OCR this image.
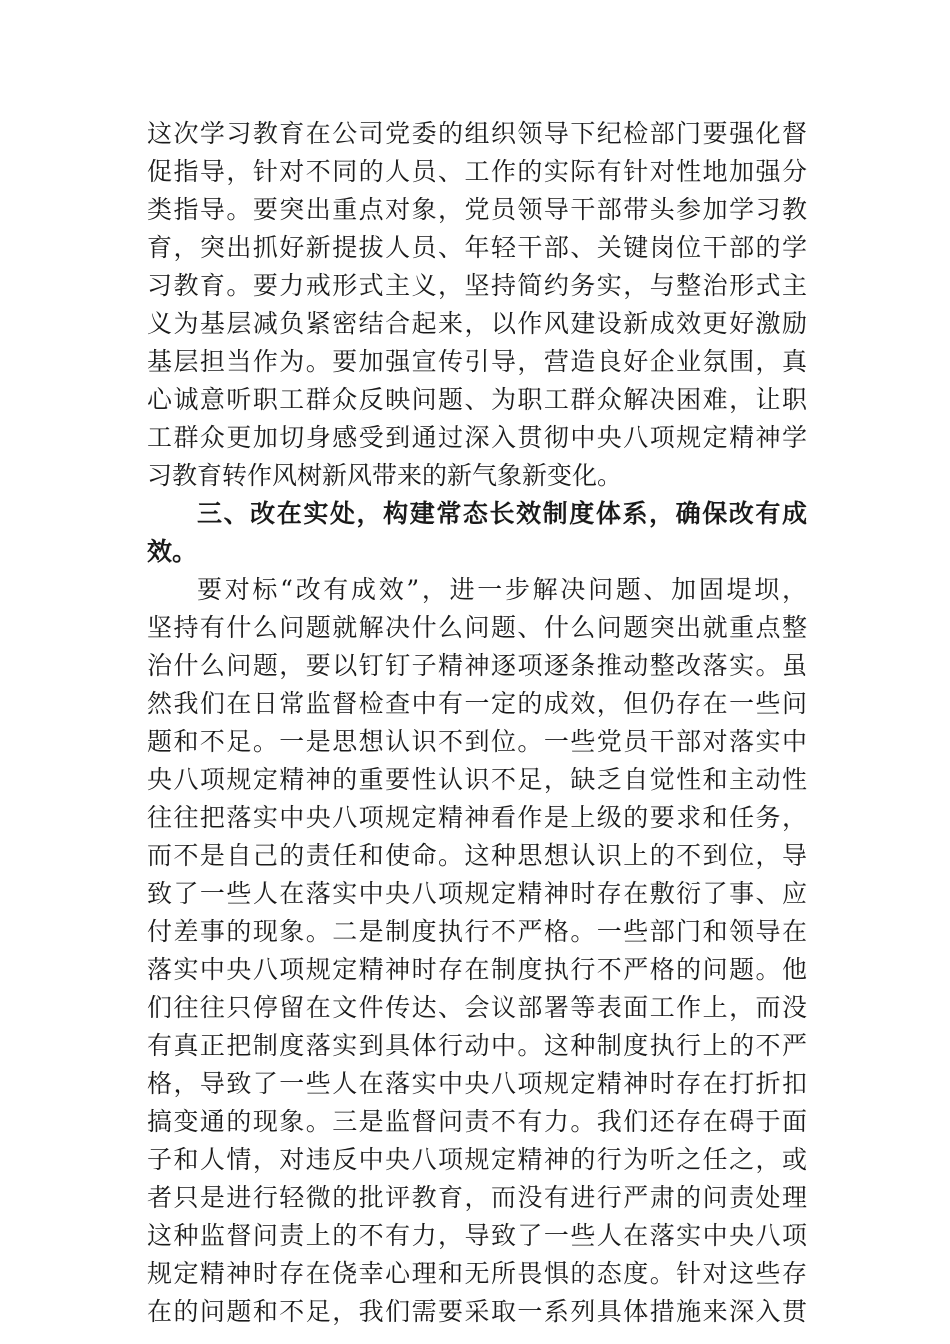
这次学习教育在公司党委的组织领导下纪检部门要强化督
促指导，针对不同的人员、工作的实际有针对性地加强分
类指导。要突出重点对象，党员领导干部带头参加学习教
育，突出抓好新提拔人员、年轻干部、关键岗位干部的学
习教育。要力戒形式主义，坚持简约务实，与整治形式主
义为基层减负紧密结合起来，以作风建设新成效更好激励
基层担当作为。要加强宣传引导，营造良好企业氛围，真
心诚意听职工群众反映问题、为职工群众解决困难，让职
工群众更加切身感受到通过深入贯彻中央八项规定精神学
习教育转作风树新风带来的新气象新变化。
三、改在实处，构建常态长效制度体系，确保改有成
效。
要对标“改有成效”，进一步解决问题、加固堤坝，
坚持有什么问题就解决什么问题、什么问题突出就重点整
治什么问题，要以钉钉子精神逐项逐条推动整改落实。虽
然我们在日常监督检查中有一定的成效，但仍存在一些问
题和不足。一是思想认识不到位。一些党员干部对落实中
央八项规定精神的重要性认识不足，缺乏自觉性和主动性
往往把落实中央八项规定精神看作是上级的要求和任务，
而不是自己的责任和使命。这种思想认识上的不到位，导
致了一些人在落实中央八项规定精神时存在敷衍了事、应
付差事的现象。二是制度执行不严格。一些部门和领导在
落实中央八项规定精神时存在制度执行不严格的问题。他
们往往只停留在文件传达、会议部署等表面工作上，而没
有真正把制度落实到具体行动中。这种制度执行上的不严
格，导致了一些人在落实中央八项规定精神时存在打折扣
搞变通的现象。三是监督问责不有力。我们还存在碍于面
子和人情，对违反中央八项规定精神的行为听之任之，或
者只是进行轻微的批评教育，而没有进行严肃的问责处理
这种监督问责上的不有力，导致了一些人在落实中央八项
规定精神时存在侥幸心理和无所畏惧的态度。针对这些存
在的问题和不足，我们需要采取一系列具体措施来深入贯
